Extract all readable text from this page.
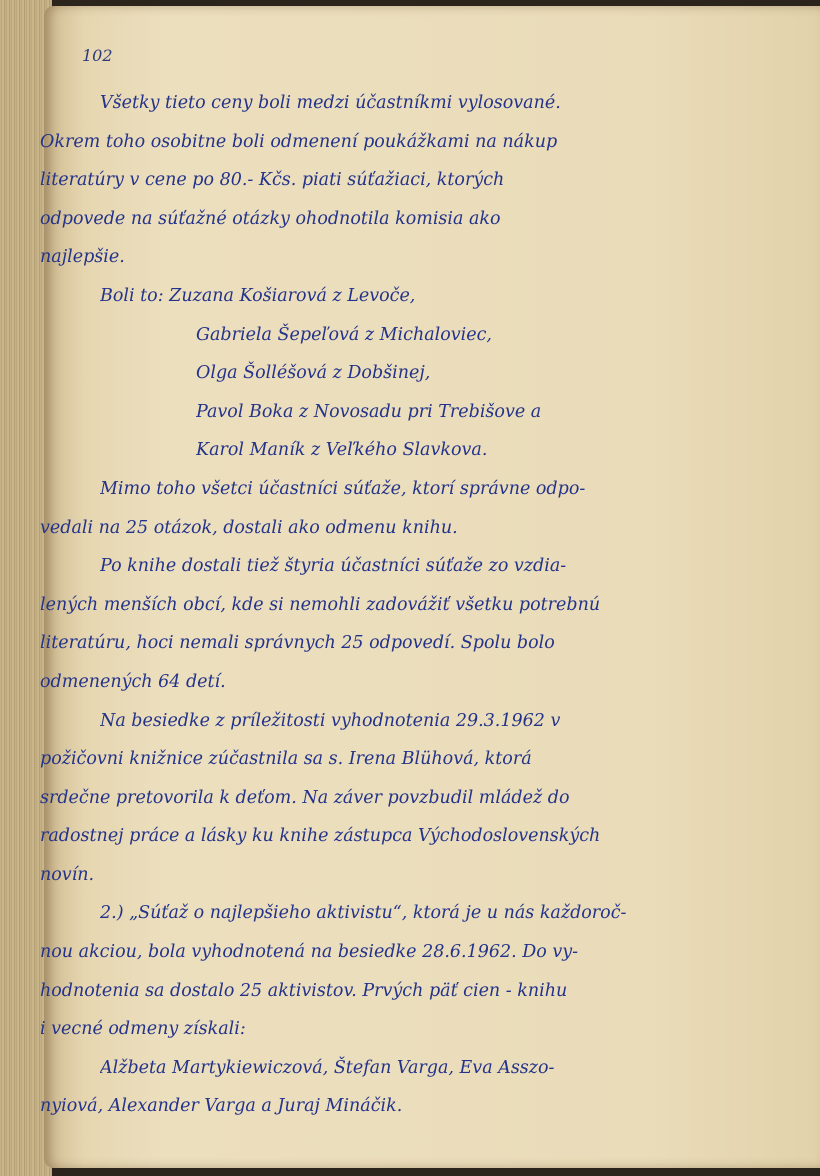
102
Všetky tieto ceny boli medzi účastníkmi vylosované.
Okrem toho osobitne boli odmenení poukážkami na nákup
literatúry v cene po 80.- Kčs. piati súťažiaci, ktorých
odpovede na súťažné otázky ohodnotila komisia ako
najlepšie.
Boli to: Zuzana Košiarová z Levoče,
Gabriela Šepeľová z Michaloviec,
Olga Šolléšová z Dobšinej,
Pavol Boka z Novosadu pri Trebišove a
Karol Maník z Veľkého Slavkova.
Mimo toho všetci účastníci súťaže, ktorí správne odpo-
vedali na 25 otázok, dostali ako odmenu knihu.
Po knihe dostali tiež štyria účastníci súťaže zo vzdia-
lených menších obcí, kde si nemohli zadovážiť všetku potrebnú
literatúru, hoci nemali správnych 25 odpovedí. Spolu bolo
odmenených 64 detí.
Na besiedke z príležitosti vyhodnotenia 29.3.1962 v
požičovni knižnice zúčastnila sa s. Irena Blühová, ktorá
srdečne pretovorila k deťom. Na záver povzbudil mládež do
radostnej práce a lásky ku knihe zástupca Východoslovenských
novín.
2.) „Súťaž o najlepšieho aktivistu“, ktorá je u nás každoroč-
nou akciou, bola vyhodnotená na besiedke 28.6.1962. Do vy-
hodnotenia sa dostalo 25 aktivistov. Prvých päť cien - knihu
i vecné odmeny získali:
Alžbeta Martykiewiczová, Štefan Varga, Eva Asszo-
nyiová, Alexander Varga a Juraj Mináčik.
